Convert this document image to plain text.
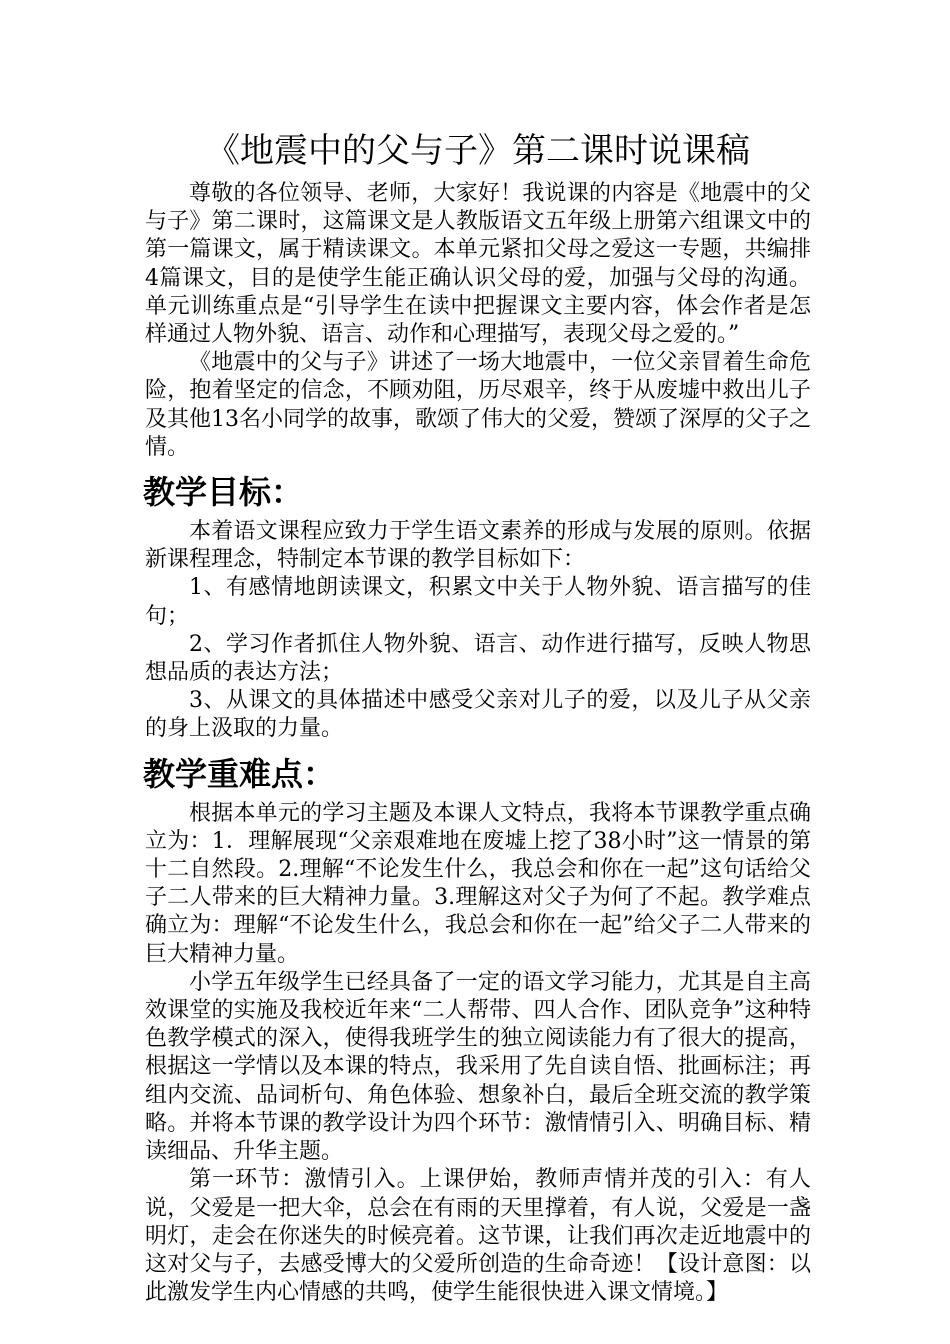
《地震中的父与子》第二课时说课稿

尊敬的各位领导、老师，大家好！我说课的内容是《地震中的父与子》第二课时，这篇课文是人教版语文五年级上册第六组课文中的第一篇课文，属于精读课文。本单元紧扣父母之爱这一专题，共编排4篇课文，目的是使学生能正确认识父母的爱，加强与父母的沟通。单元训练重点是“引导学生在读中把握课文主要内容，体会作者是怎样通过人物外貌、语言、动作和心理描写，表现父母之爱的。”

《地震中的父与子》讲述了一场大地震中，一位父亲冒着生命危险，抱着坚定的信念，不顾劝阻，历尽艰辛，终于从废墟中救出儿子及其他13名小同学的故事，歌颂了伟大的父爱，赞颂了深厚的父子之情。

教学目标：

本着语文课程应致力于学生语文素养的形成与发展的原则。依据新课程理念，特制定本节课的教学目标如下：

1、有感情地朗读课文，积累文中关于人物外貌、语言描写的佳句；

2、学习作者抓住人物外貌、语言、动作进行描写，反映人物思想品质的表达方法；

3、从课文的具体描述中感受父亲对儿子的爱，以及儿子从父亲的身上汲取的力量。

教学重难点：

根据本单元的学习主题及本课人文特点，我将本节课教学重点确立为：1．理解展现“父亲艰难地在废墟上挖了38小时”这一情景的第十二自然段。2.理解“不论发生什么，我总会和你在一起”这句话给父子二人带来的巨大精神力量。3.理解这对父子为何了不起。教学难点确立为：理解“不论发生什么，我总会和你在一起”给父子二人带来的巨大精神力量。

小学五年级学生已经具备了一定的语文学习能力，尤其是自主高效课堂的实施及我校近年来“二人帮带、四人合作、团队竞争”这种特色教学模式的深入，使得我班学生的独立阅读能力有了很大的提高，根据这一学情以及本课的特点，我采用了先自读自悟、批画标注；再组内交流、品词析句、角色体验、想象补白，最后全班交流的教学策略。并将本节课的教学设计为四个环节：激情情引入、明确目标、精读细品、升华主题。

第一环节：激情引入。上课伊始，教师声情并茂的引入：有人说，父爱是一把大伞，总会在有雨的天里撑着，有人说，父爱是一盏明灯，走会在你迷失的时候亮着。这节课，让我们再次走近地震中的这对父与子，去感受博大的父爱所创造的生命奇迹！【设计意图：以此激发学生内心情感的共鸣，使学生能很快进入课文情境。】
